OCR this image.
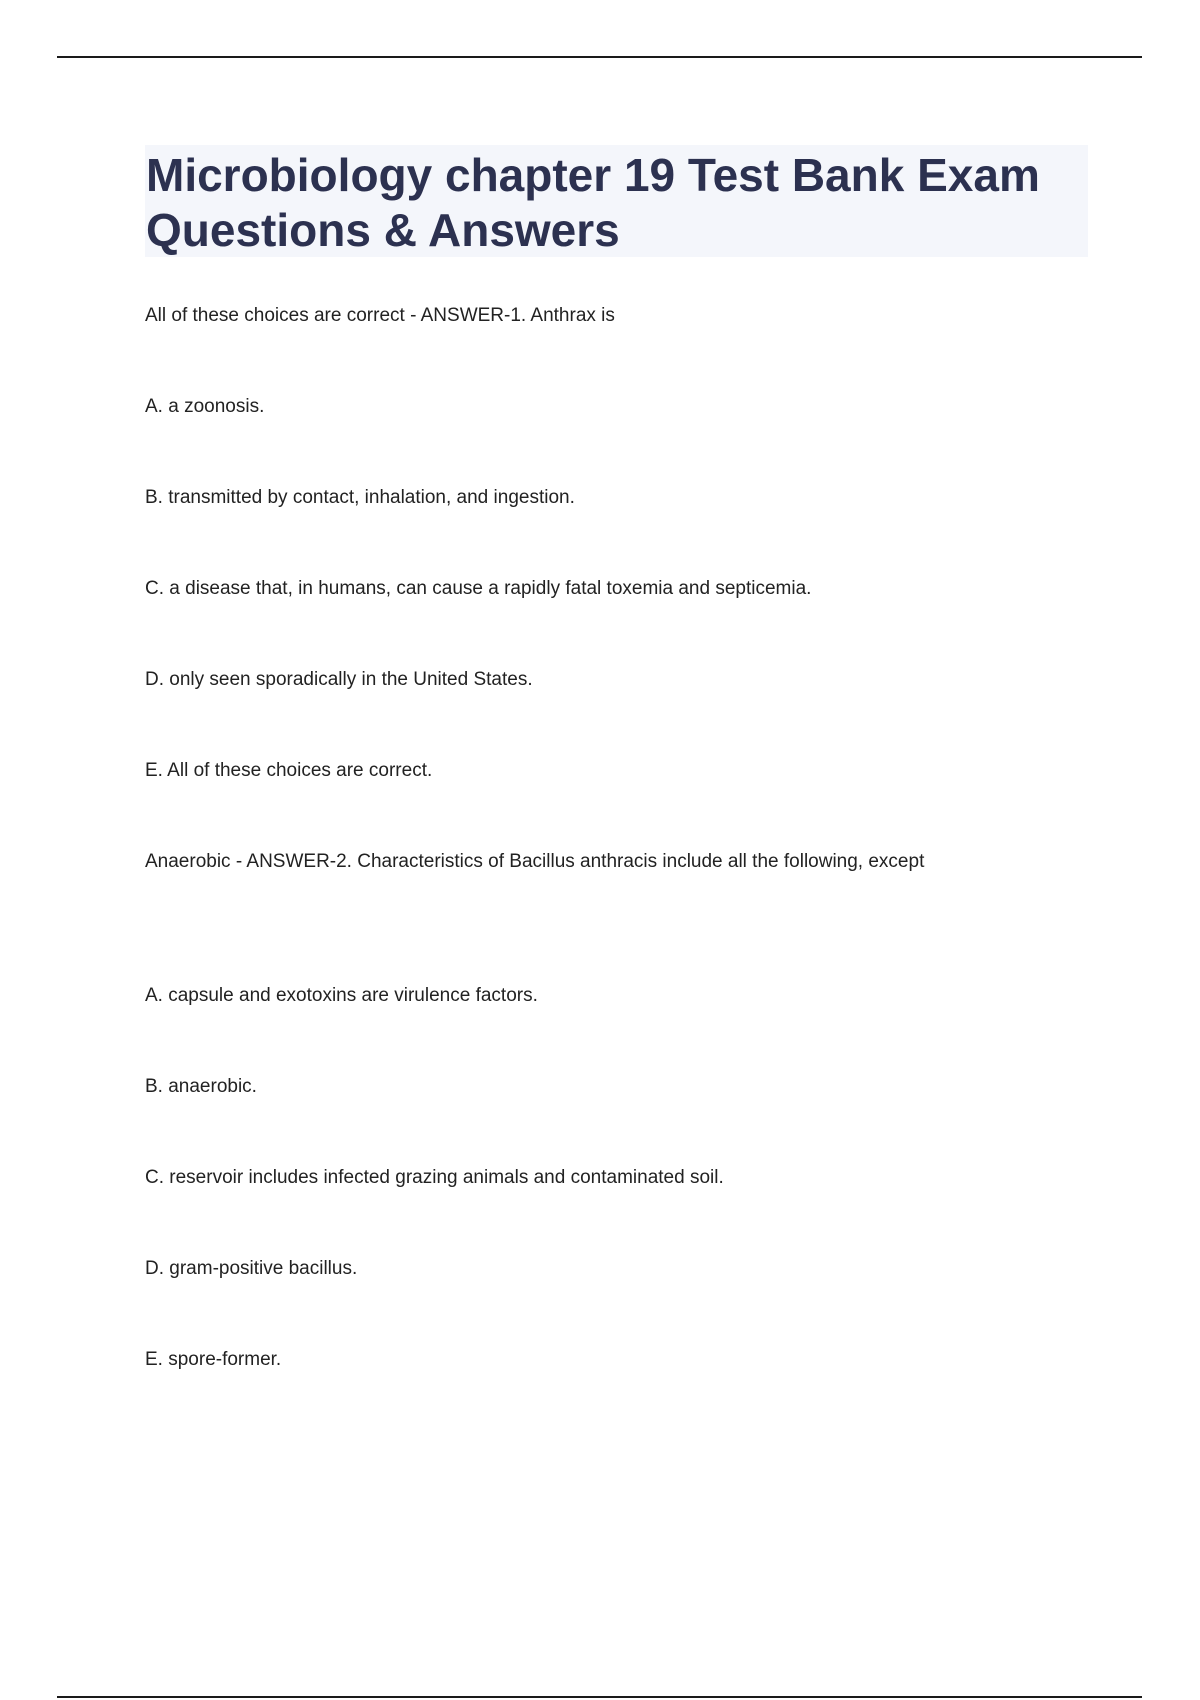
Microbiology chapter 19 Test Bank Exam Questions & Answers

All of these choices are correct - ANSWER-1. Anthrax is

A. a zoonosis.

B. transmitted by contact, inhalation, and ingestion.

C. a disease that, in humans, can cause a rapidly fatal toxemia and septicemia.

D. only seen sporadically in the United States.

E. All of these choices are correct.

Anaerobic - ANSWER-2. Characteristics of Bacillus anthracis include all the following, except

A. capsule and exotoxins are virulence factors.

B. anaerobic.

C. reservoir includes infected grazing animals and contaminated soil.

D. gram-positive bacillus.

E. spore-former.
